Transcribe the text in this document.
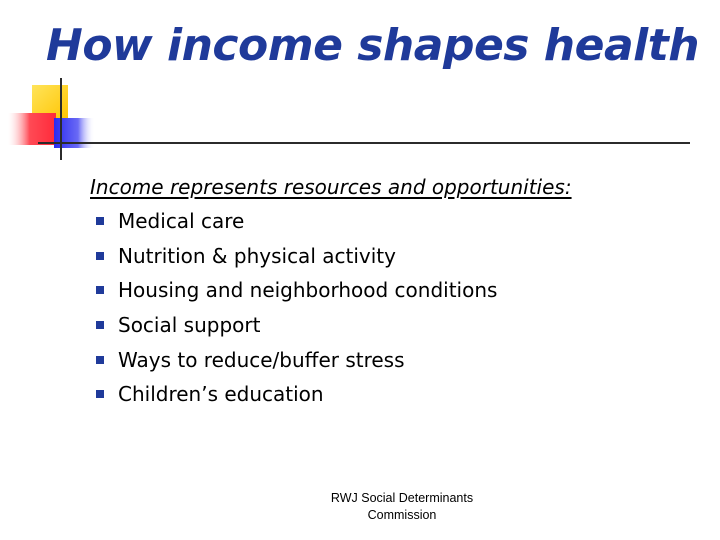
How income shapes health

Income represents resources and opportunities:

Medical care
Nutrition & physical activity
Housing and neighborhood conditions
Social support
Ways to reduce/buffer stress
Children’s education
RWJ Social Determinants
Commission
